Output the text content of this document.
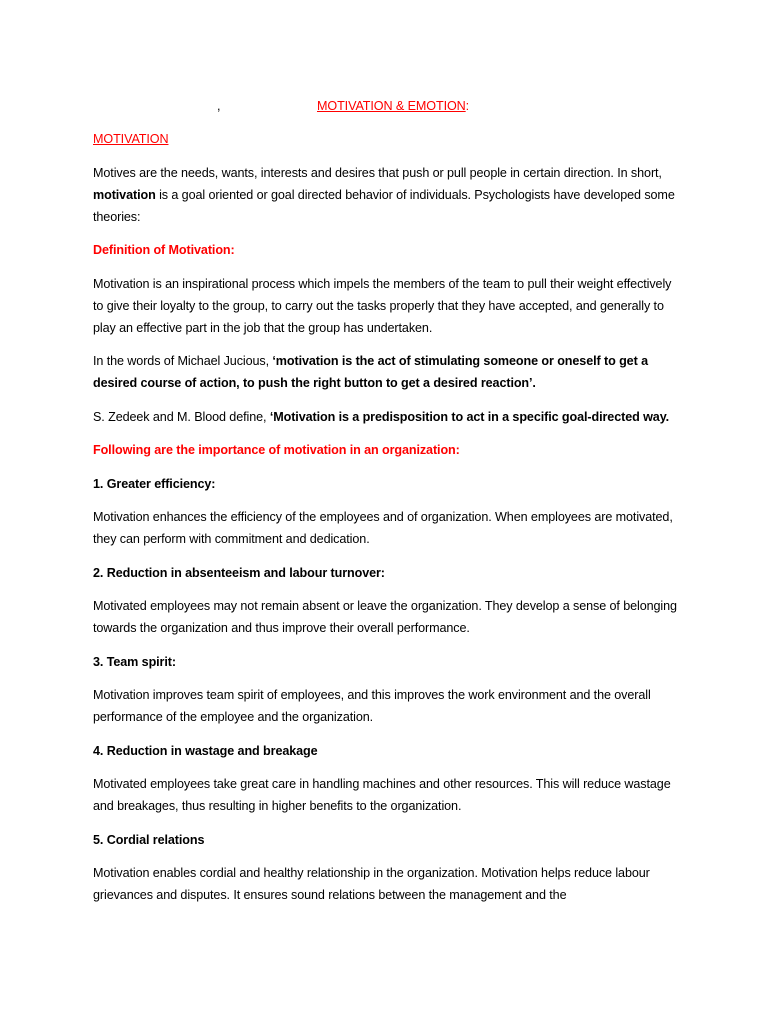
,	MOTIVATION & EMOTION:

MOTIVATION

Motives are the needs, wants, interests and desires that push or pull people in certain direction. In short, motivation is a goal oriented or goal directed behavior of individuals. Psychologists have developed some theories:

Definition of Motivation:

Motivation is an inspirational process which impels the members of the team to pull their weight effectively to give their loyalty to the group, to carry out the tasks properly that they have accepted, and generally to play an effective part in the job that the group has undertaken.

In the words of Michael Jucious, ‘motivation is the act of stimulating someone or oneself to get a desired course of action, to push the right button to get a desired reaction’.

S. Zedeek and M. Blood define, ‘Motivation is a predisposition to act in a specific goal-directed way.

Following are the importance of motivation in an organization:

1. Greater efficiency:

Motivation enhances the efficiency of the employees and of organization. When employees are motivated, they can perform with commitment and dedication.

2. Reduction in absenteeism and labour turnover:

Motivated employees may not remain absent or leave the organization. They develop a sense of belonging towards the organization and thus improve their overall performance.

3. Team spirit:

Motivation improves team spirit of employees, and this improves the work environment and the overall performance of the employee and the organization.

4. Reduction in wastage and breakage

Motivated employees take great care in handling machines and other resources. This will reduce wastage and breakages, thus resulting in higher benefits to the organization.

5. Cordial relations

Motivation enables cordial and healthy relationship in the organization. Motivation helps reduce labour grievances and disputes. It ensures sound relations between the management and the
